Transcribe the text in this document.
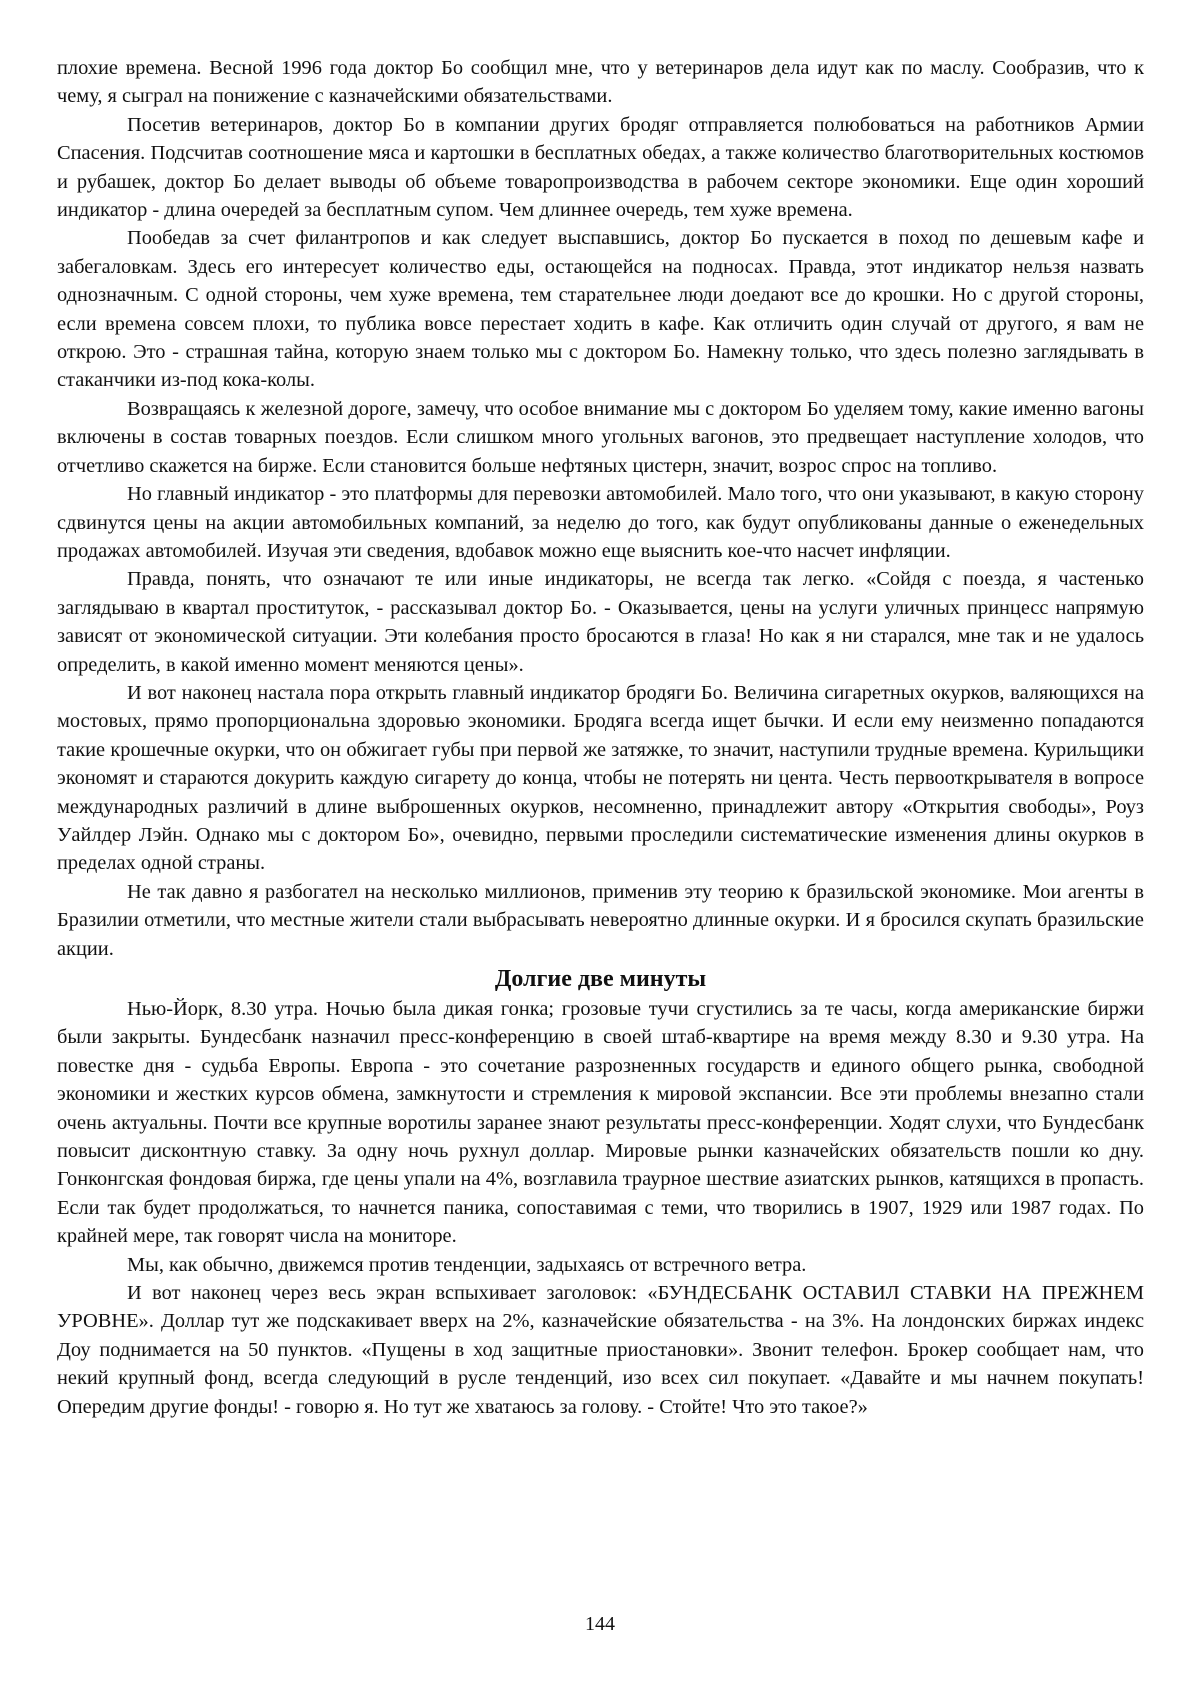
плохие времена. Весной 1996 года доктор Бо сообщил мне, что у ветеринаров дела идут как по маслу. Сообразив, что к чему, я сыграл на понижение с казначейскими обязательствами.

Посетив ветеринаров, доктор Бо в компании других бродяг отправляется полюбоваться на работников Армии Спасения. Подсчитав соотношение мяса и картошки в бесплатных обедах, а также количество благотворительных костюмов и рубашек, доктор Бо делает выводы об объеме товаропроизводства в рабочем секторе экономики. Еще один хороший индикатор - длина очередей за бесплатным супом. Чем длиннее очередь, тем хуже времена.

Пообедав за счет филантропов и как следует выспавшись, доктор Бо пускается в поход по дешевым кафе и забегаловкам. Здесь его интересует количество еды, остающейся на подносах. Правда, этот индикатор нельзя назвать однозначным. С одной стороны, чем хуже времена, тем старательнее люди доедают все до крошки. Но с другой стороны, если времена совсем плохи, то публика вовсе перестает ходить в кафе. Как отличить один случай от другого, я вам не открою. Это - страшная тайна, которую знаем только мы с доктором Бо. Намекну только, что здесь полезно заглядывать в стаканчики из-под кока-колы.

Возвращаясь к железной дороге, замечу, что особое внимание мы с доктором Бо уделяем тому, какие именно вагоны включены в состав товарных поездов. Если слишком много угольных вагонов, это предвещает наступление холодов, что отчетливо скажется на бирже. Если становится больше нефтяных цистерн, значит, возрос спрос на топливо.

Но главный индикатор - это платформы для перевозки автомобилей. Мало того, что они указывают, в какую сторону сдвинутся цены на акции автомобильных компаний, за неделю до того, как будут опубликованы данные о еженедельных продажах автомобилей. Изучая эти сведения, вдобавок можно еще выяснить кое-что насчет инфляции.

Правда, понять, что означают те или иные индикаторы, не всегда так легко. «Сойдя с поезда, я частенько заглядываю в квартал проституток, - рассказывал доктор Бо. - Оказывается, цены на услуги уличных принцесс напрямую зависят от экономической ситуации. Эти колебания просто бросаются в глаза! Но как я ни старался, мне так и не удалось определить, в какой именно момент меняются цены».

И вот наконец настала пора открыть главный индикатор бродяги Бо. Величина сигаретных окурков, валяющихся на мостовых, прямо пропорциональна здоровью экономики. Бродяга всегда ищет бычки. И если ему неизменно попадаются такие крошечные окурки, что он обжигает губы при первой же затяжке, то значит, наступили трудные времена. Курильщики экономят и стараются докурить каждую сигарету до конца, чтобы не потерять ни цента. Честь первооткрывателя в вопросе международных различий в длине выброшенных окурков, несомненно, принадлежит автору «Открытия свободы», Роуз Уайлдер Лэйн. Однако мы с доктором Бо», очевидно, первыми проследили систематические изменения длины окурков в пределах одной страны.

Не так давно я разбогател на несколько миллионов, применив эту теорию к бразильской экономике. Мои агенты в Бразилии отметили, что местные жители стали выбрасывать невероятно длинные окурки. И я бросился скупать бразильские акции.

Долгие две минуты

Нью-Йорк, 8.30 утра. Ночью была дикая гонка; грозовые тучи сгустились за те часы, когда американские биржи были закрыты. Бундесбанк назначил пресс-конференцию в своей штаб-квартире на время между 8.30 и 9.30 утра. На повестке дня - судьба Европы. Европа - это сочетание разрозненных государств и единого общего рынка, свободной экономики и жестких курсов обмена, замкнутости и стремления к мировой экспансии. Все эти проблемы внезапно стали очень актуальны. Почти все крупные воротилы заранее знают результаты пресс-конференции. Ходят слухи, что Бундесбанк повысит дисконтную ставку. За одну ночь рухнул доллар. Мировые рынки казначейских обязательств пошли ко дну. Гонконгская фондовая биржа, где цены упали на 4%, возглавила траурное шествие азиатских рынков, катящихся в пропасть. Если так будет продолжаться, то начнется паника, сопоставимая с теми, что творились в 1907, 1929 или 1987 годах. По крайней мере, так говорят числа на мониторе.

Мы, как обычно, движемся против тенденции, задыхаясь от встречного ветра.

И вот наконец через весь экран вспыхивает заголовок: «БУНДЕСБАНК ОСТАВИЛ СТАВКИ НА ПРЕЖНЕМ УРОВНЕ». Доллар тут же подскакивает вверх на 2%, казначейские обязательства - на 3%. На лондонских биржах индекс Доу поднимается на 50 пунктов. «Пущены в ход защитные приостановки». Звонит телефон. Брокер сообщает нам, что некий крупный фонд, всегда следующий в русле тенденций, изо всех сил покупает. «Давайте и мы начнем покупать! Опередим другие фонды! - говорю я. Но тут же хватаюсь за голову. - Стойте! Что это такое?»

144
